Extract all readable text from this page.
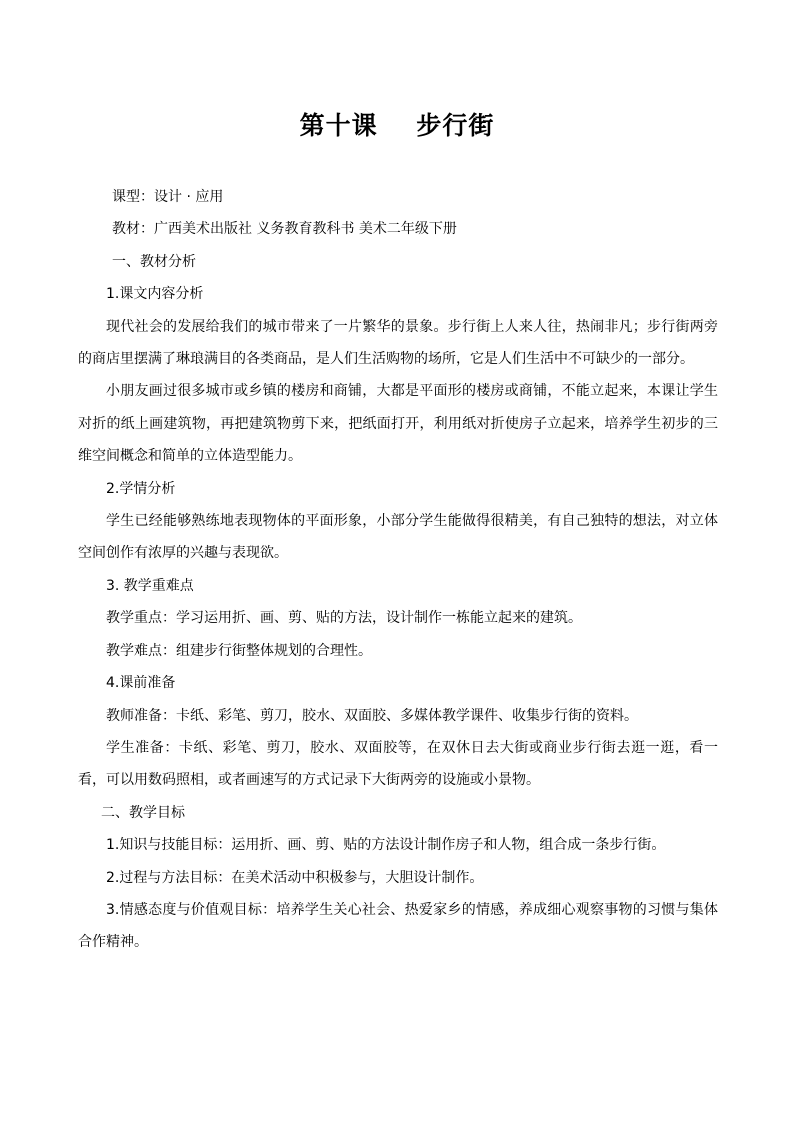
第十课    步行街

课型：设计 · 应用

教材：广西美术出版社 义务教育教科书 美术二年级下册

一、教材分析

1.课文内容分析

现代社会的发展给我们的城市带来了一片繁华的景象。步行街上人来人往，热闹非凡；步行街两旁的商店里摆满了琳琅满目的各类商品，是人们生活购物的场所，它是人们生活中不可缺少的一部分。

小朋友画过很多城市或乡镇的楼房和商铺，大都是平面形的楼房或商铺，不能立起来，本课让学生对折的纸上画建筑物，再把建筑物剪下来，把纸面打开，利用纸对折使房子立起来，培养学生初步的三维空间概念和简单的立体造型能力。

2.学情分析

学生已经能够熟练地表现物体的平面形象，小部分学生能做得很精美，有自己独特的想法，对立体空间创作有浓厚的兴趣与表现欲。

3. 教学重难点

教学重点：学习运用折、画、剪、贴的方法，设计制作一栋能立起来的建筑。

教学难点：组建步行街整体规划的合理性。

4.课前准备

教师准备：卡纸、彩笔、剪刀，胶水、双面胶、多媒体教学课件、收集步行街的资料。

学生准备：卡纸、彩笔、剪刀，胶水、双面胶等，在双休日去大街或商业步行街去逛一逛，看一看，可以用数码照相，或者画速写的方式记录下大街两旁的设施或小景物。

二、教学目标

1.知识与技能目标：运用折、画、剪、贴的方法设计制作房子和人物，组合成一条步行街。

2.过程与方法目标：在美术活动中积极参与，大胆设计制作。

3.情感态度与价值观目标：培养学生关心社会、热爱家乡的情感，养成细心观察事物的习惯与集体合作精神。
